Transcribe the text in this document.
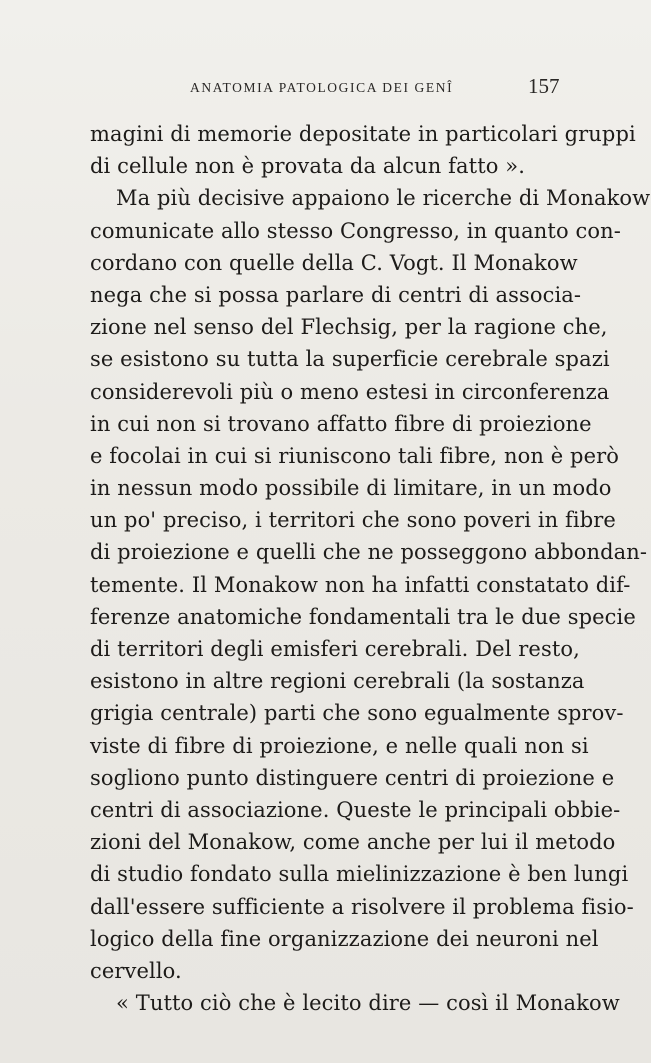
ANATOMIA PATOLOGICA DEI GENÎ	157
magini di memorie depositate in particolari gruppi
di cellule non è provata da alcun fatto ».
Ma più decisive appaiono le ricerche di Monakow
comunicate allo stesso Congresso, in quanto con-
cordano con quelle della C. Vogt. Il Monakow
nega che si possa parlare di centri di associa-
zione nel senso del Flechsig, per la ragione che,
se esistono su tutta la superficie cerebrale spazi
considerevoli più o meno estesi in circonferenza
in cui non si trovano affatto fibre di proiezione
e focolai in cui si riuniscono tali fibre, non è però
in nessun modo possibile di limitare, in un modo
un po' preciso, i territori che sono poveri in fibre
di proiezione e quelli che ne posseggono abbondan-
temente. Il Monakow non ha infatti constatato dif-
ferenze anatomiche fondamentali tra le due specie
di territori degli emisferi cerebrali. Del resto,
esistono in altre regioni cerebrali (la sostanza
grigia centrale) parti che sono egualmente sprov-
viste di fibre di proiezione, e nelle quali non si
sogliono punto distinguere centri di proiezione e
centri di associazione. Queste le principali obbie-
zioni del Monakow, come anche per lui il metodo
di studio fondato sulla mielinizzazione è ben lungi
dall'essere sufficiente a risolvere il problema fisio-
logico della fine organizzazione dei neuroni nel
cervello.
« Tutto ciò che è lecito dire — così il Monakow
